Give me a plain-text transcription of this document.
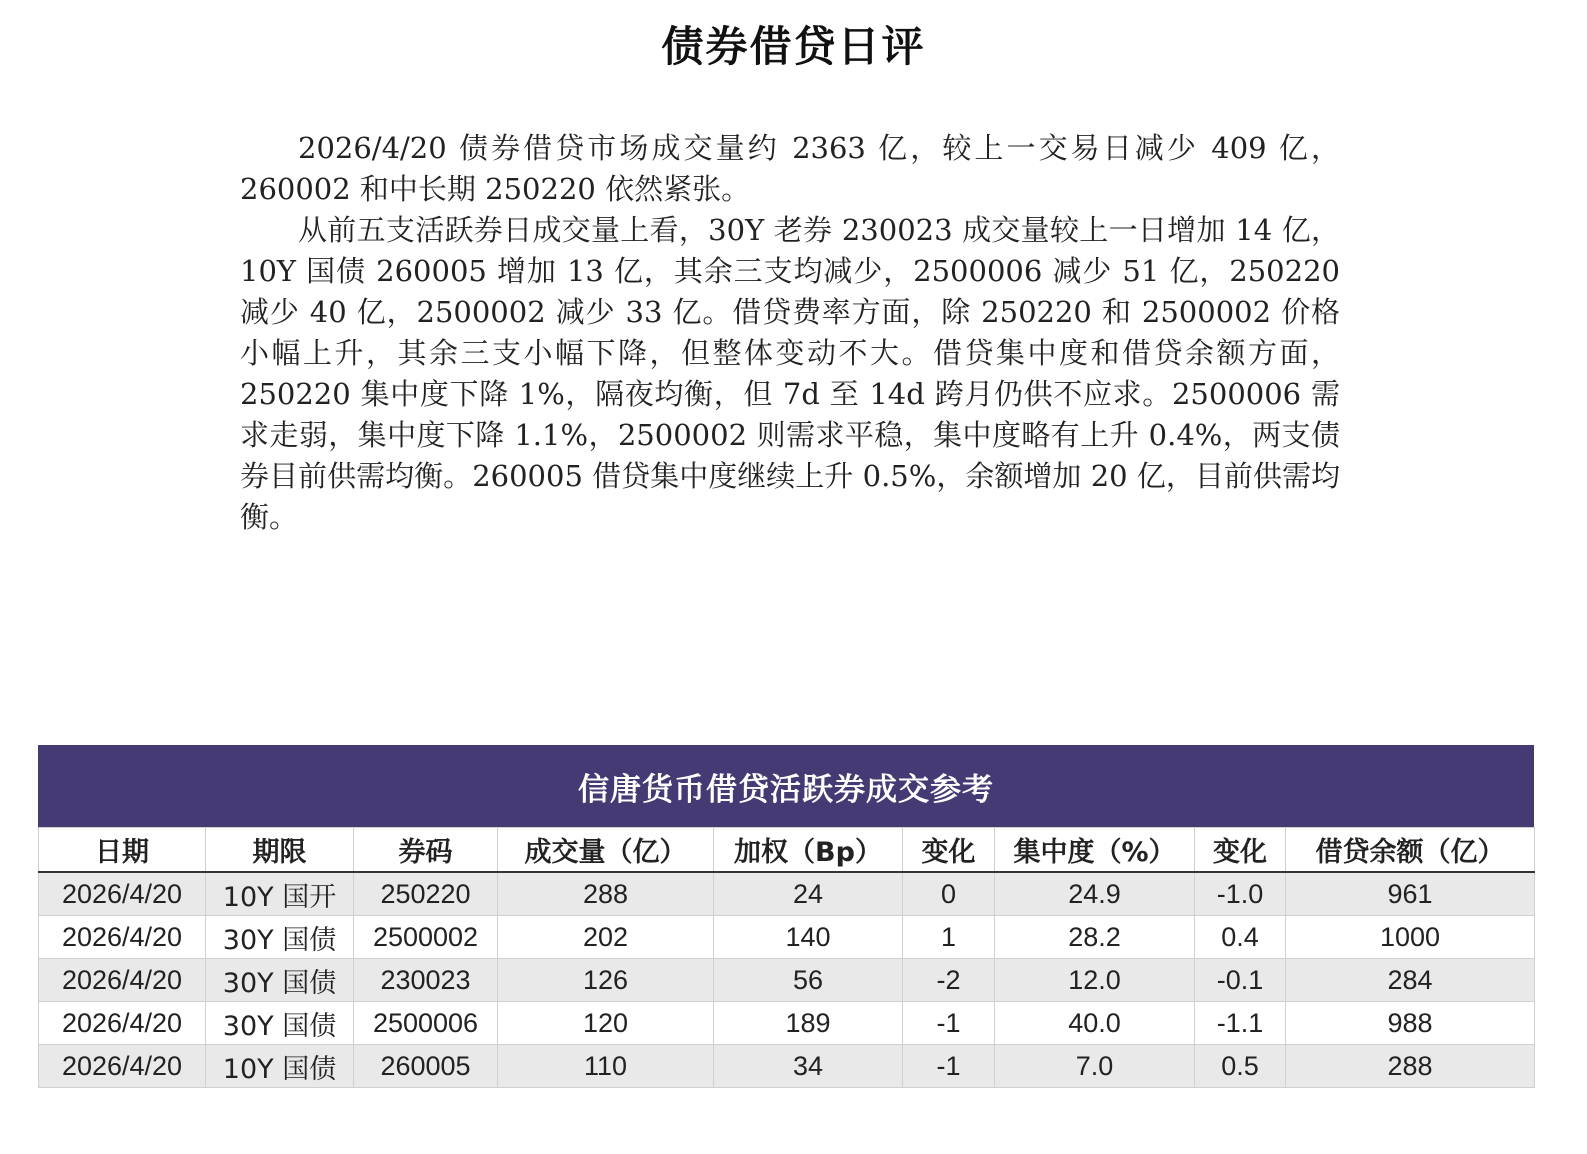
债券借贷日评

2026/4/20 债券借贷市场成交量约 2363 亿，较上一交易日减少 409 亿，260002 和中长期 250220 依然紧张。

从前五支活跃券日成交量上看，30Y 老券 230023 成交量较上一日增加 14 亿，10Y 国债 260005 增加 13 亿，其余三支均减少，2500006 减少 51 亿，250220 减少 40 亿，2500002 减少 33 亿。借贷费率方面，除 250220 和 2500002 价格小幅上升，其余三支小幅下降，但整体变动不大。借贷集中度和借贷余额方面，250220 集中度下降 1%，隔夜均衡，但 7d 至 14d 跨月仍供不应求。2500006 需求走弱，集中度下降 1.1%，2500002 则需求平稳，集中度略有上升 0.4%，两支债券目前供需均衡。260005 借贷集中度继续上升 0.5%，余额增加 20 亿，目前供需均衡。

信唐货币借贷活跃券成交参考
日期	期限	券码	成交量（亿）	加权（Bp）	变化	集中度（%）	变化	借贷余额（亿）
2026/4/20	10Y 国开	250220	288	24	0	24.9	-1.0	961
2026/4/20	30Y 国债	2500002	202	140	1	28.2	0.4	1000
2026/4/20	30Y 国债	230023	126	56	-2	12.0	-0.1	284
2026/4/20	30Y 国债	2500006	120	189	-1	40.0	-1.1	988
2026/4/20	10Y 国债	260005	110	34	-1	7.0	0.5	288
